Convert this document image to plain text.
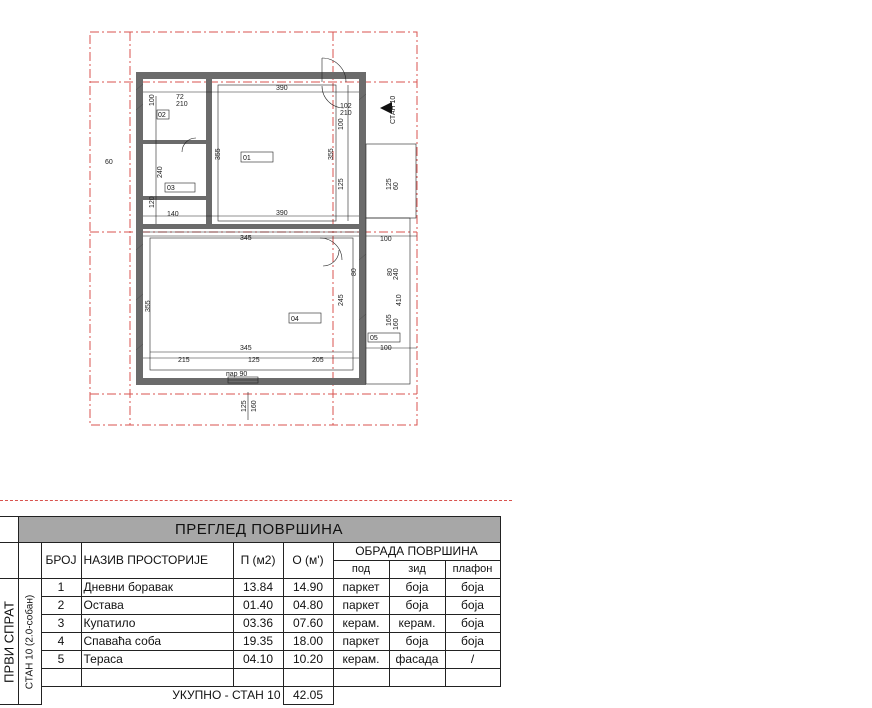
01
02
03
04
05
390
390
355	355
345
345
215	125	205
140
120
240
125	125 60
100
100
80 240
410
165 160
125 160
72
210	102
210
100
100
60
80
245
355
пар 90
СТАН 10
	ПРЕГЛЕД ПОВРШИНА							
		БРОЈ	НАЗИВ ПРОСТОРИЈЕ	П (м2)	О (м')	ОБРАДА ПОВРШИНА		
						под	зид	плафон

ПРВИ СПРАТ	СТАН 10 (2.0-собан)	1	Дневни боравак	13.84	14.90	паркет	боја	боја
		2	Остава	01.40	04.80	паркет	боја	боја
		3	Купатило	03.36	07.60	керам.	керам.	боја
		4	Спаваћа соба	19.35	18.00	паркет	боја	боја
		5	Тераса	04.10	10.20	керам.	фасада	/

		УКУПНО - СТАН 10			42.05			
